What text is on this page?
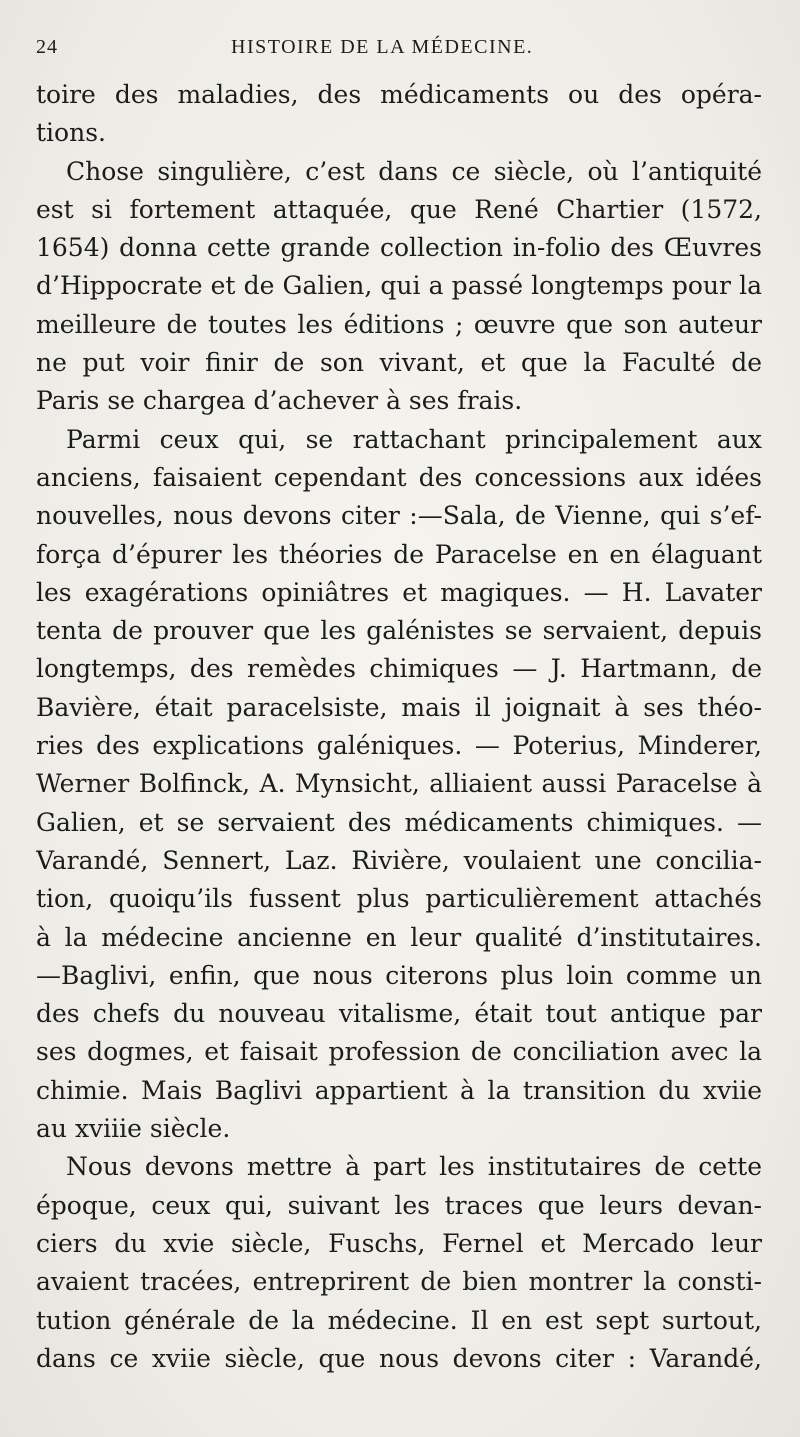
24	HISTOIRE DE LA MÉDECINE.
toire des maladies, des médicaments ou des opéra-
tions.
Chose singulière, c’est dans ce siècle, où l’antiquité
est si fortement attaquée, que René Chartier (1572,
1654) donna cette grande collection in-folio des Œuvres
d’Hippocrate et de Galien, qui a passé longtemps pour la
meilleure de toutes les éditions ; œuvre que son auteur
ne put voir finir de son vivant, et que la Faculté de
Paris se chargea d’achever à ses frais.
Parmi ceux qui, se rattachant principalement aux
anciens, faisaient cependant des concessions aux idées
nouvelles, nous devons citer :—Sala, de Vienne, qui s’ef-
força d’épurer les théories de Paracelse en en élaguant
les exagérations opiniâtres et magiques. — H. Lavater
tenta de prouver que les galénistes se servaient, depuis
longtemps, des remèdes chimiques — J. Hartmann, de
Bavière, était paracelsiste, mais il joignait à ses théo-
ries des explications galéniques. — Poterius, Minderer,
Werner Bolfinck, A. Mynsicht, alliaient aussi Paracelse à
Galien, et se servaient des médicaments chimiques. —
Varandé, Sennert, Laz. Rivière, voulaient une concilia-
tion, quoiqu’ils fussent plus particulièrement attachés
à la médecine ancienne en leur qualité d’institutaires.
—Baglivi, enfin, que nous citerons plus loin comme un
des chefs du nouveau vitalisme, était tout antique par
ses dogmes, et faisait profession de conciliation avec la
chimie. Mais Baglivi appartient à la transition du xviie
au xviiie siècle.
Nous devons mettre à part les institutaires de cette
époque, ceux qui, suivant les traces que leurs devan-
ciers du xvie siècle, Fuschs, Fernel et Mercado leur
avaient tracées, entreprirent de bien montrer la consti-
tution générale de la médecine. Il en est sept surtout,
dans ce xviie siècle, que nous devons citer : Varandé,
